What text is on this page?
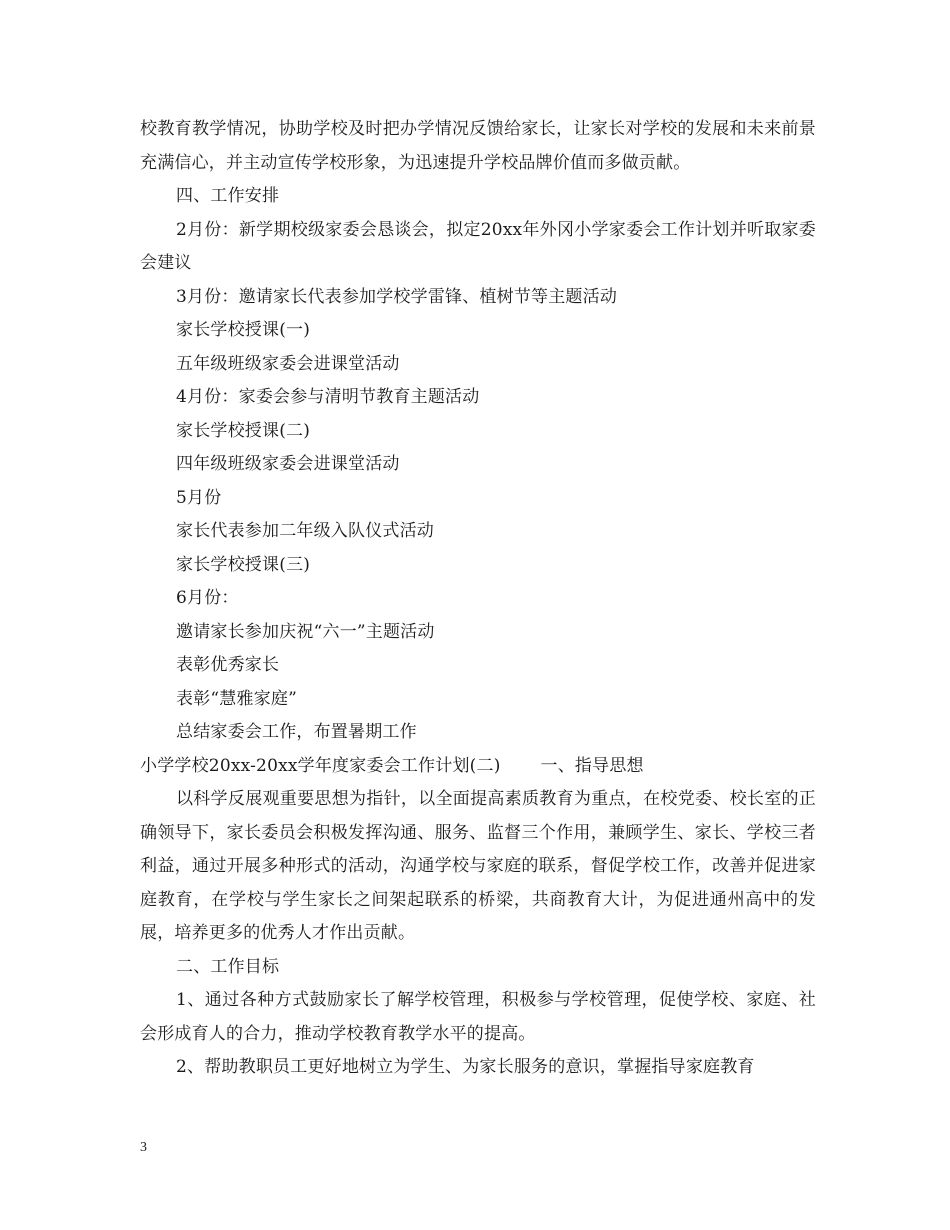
校教育教学情况，协助学校及时把办学情况反馈给家长，让家长对学校的发展和未来前景充满信心，并主动宣传学校形象，为迅速提升学校品牌价值而多做贡献。

四、工作安排

2月份：新学期校级家委会恳谈会，拟定20xx年外冈小学家委会工作计划并听取家委会建议

3月份：邀请家长代表参加学校学雷锋、植树节等主题活动

家长学校授课(一)

五年级班级家委会进课堂活动

4月份：家委会参与清明节教育主题活动

家长学校授课(二)

四年级班级家委会进课堂活动

5月份

家长代表参加二年级入队仪式活动

家长学校授课(三)

6月份：

邀请家长参加庆祝“六一”主题活动

表彰优秀家长

表彰“慧雅家庭”

总结家委会工作，布置暑期工作

小学学校20xx-20xx学年度家委会工作计划(二) 一、指导思想

以科学反展观重要思想为指针，以全面提高素质教育为重点，在校党委、校长室的正确领导下，家长委员会积极发挥沟通、服务、监督三个作用，兼顾学生、家长、学校三者利益，通过开展多种形式的活动，沟通学校与家庭的联系，督促学校工作，改善并促进家庭教育，在学校与学生家长之间架起联系的桥梁，共商教育大计，为促进通州高中的发展，培养更多的优秀人才作出贡献。

二、工作目标

1、通过各种方式鼓励家长了解学校管理，积极参与学校管理，促使学校、家庭、社会形成育人的合力，推动学校教育教学水平的提高。

2、帮助教职员工更好地树立为学生、为家长服务的意识，掌握指导家庭教育

3
